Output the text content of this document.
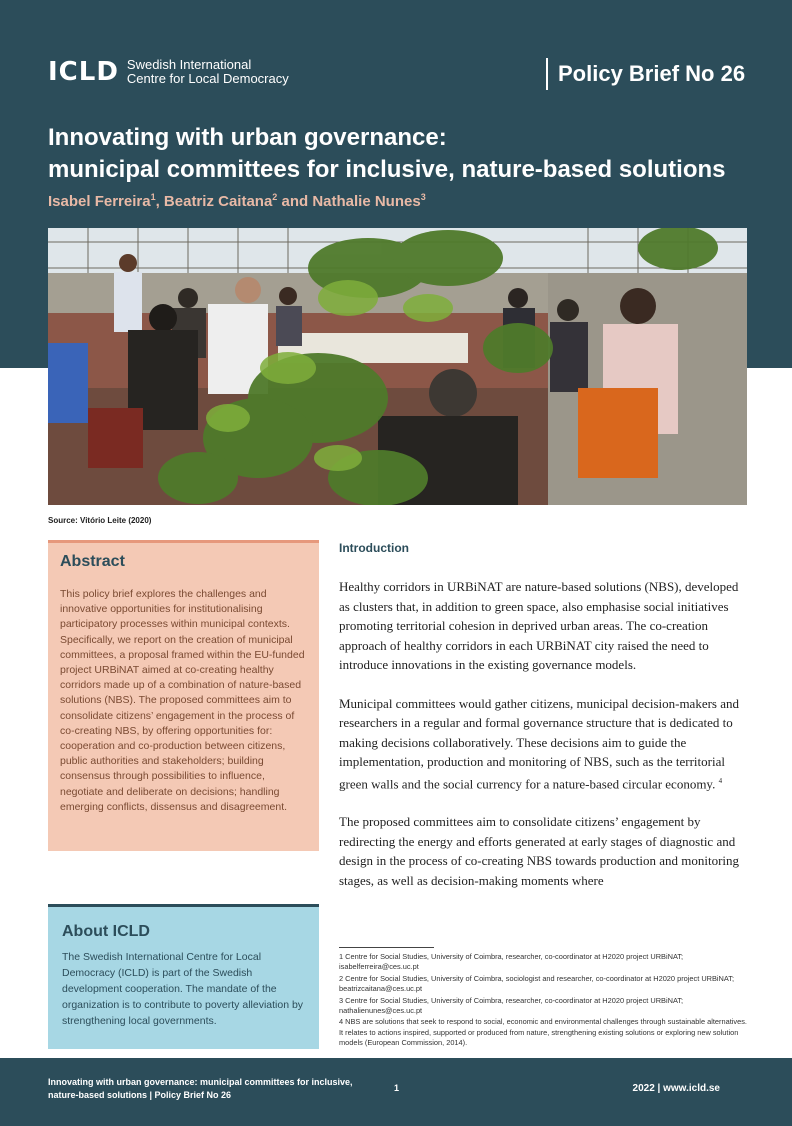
ICLD Swedish International
Centre for Local Democracy	Policy Brief No 26
Innovating with urban governance:
municipal committees for inclusive, nature-based solutions
Isabel Ferreira$^1$, Beatriz Caitana$^2$ and Nathalie Nunes$^3$
Source: Vitório Leite (2020)
Abstract

This policy brief explores the challenges and innovative opportunities for institutionalising participatory processes within municipal contexts. Specifically, we report on the creation of municipal committees, a proposal framed within the EU-funded project URBiNAT aimed at co-creating healthy corridors made up of a combination of nature-based solutions (NBS). The proposed committees aim to consolidate citizens’ engagement in the process of co-creating NBS, by offering opportunities for: cooperation and co-production between citizens, public authorities and stakeholders; building consensus through possibilities to influence, negotiate and deliberate on decisions; handling emerging conflicts, dissensus and disagreement.

About ICLD

The Swedish International Centre for Local Democracy (ICLD) is part of the Swedish development cooperation. The mandate of the organization is to contribute to poverty alleviation by strengthening local governments.

Introduction

Healthy corridors in URBiNAT are nature-based solutions (NBS), developed as clusters that, in addition to green space, also emphasise social initiatives promoting territorial cohesion in deprived urban areas. The co-creation approach of healthy corridors in each URBiNAT city raised the need to introduce innovations in the existing governance models.

Municipal committees would gather citizens, municipal decision-makers and researchers in a regular and formal governance structure that is dedicated to making decisions collaboratively. These decisions aim to guide the implementation, production and monitoring of NBS, such as the territorial green walls and the social currency for a nature-based circular economy. $^4$

The proposed committees aim to consolidate citizens’ engagement by redirecting the energy and efforts generated at early stages of diagnostic and design in the process of co-creating NBS towards production and monitoring stages, as well as decision-making moments where

1 Centre for Social Studies, University of Coimbra, researcher, co-coordinator at H2020 project URBiNAT; isabelferreira@ces.uc.pt
2 Centre for Social Studies, University of Coimbra, sociologist and researcher, co-coordinator at H2020 project URBiNAT; beatrizcaitana@ces.uc.pt
3 Centre for Social Studies, University of Coimbra, researcher, co-coordinator at H2020 project URBiNAT; nathalienunes@ces.uc.pt
4 NBS are solutions that seek to respond to social, economic and environmental challenges through sustainable alternatives. It relates to actions inspired, supported or produced from nature, strengthening existing solutions or exploring new solution models (European Commission, 2014).
Innovating with urban governance: municipal committees for inclusive,
nature-based solutions | Policy Brief No 26
1	2022 | www.icld.se
